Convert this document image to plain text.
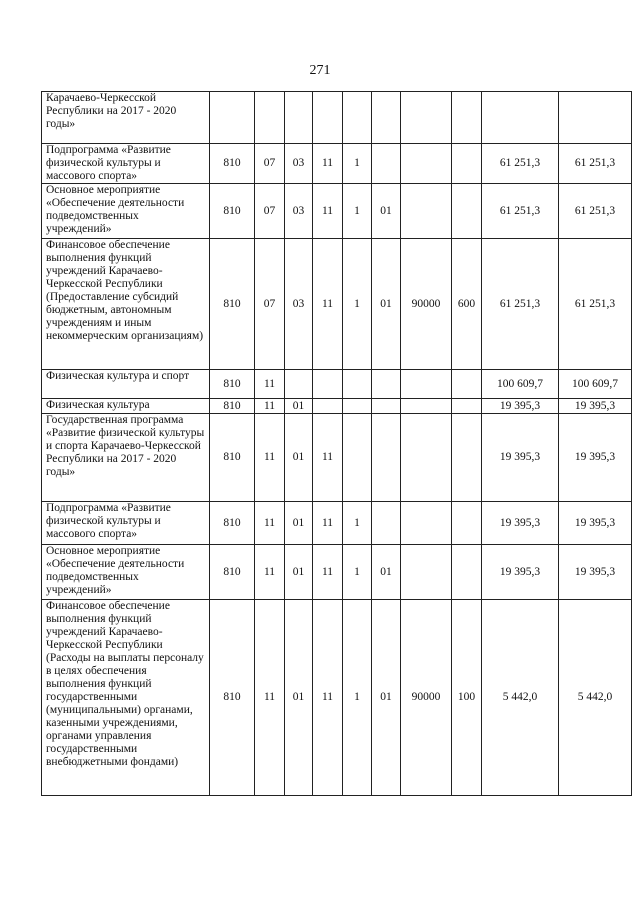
271
Карачаево-Черкесской Республики на 2017 - 2020 годы»										
Подпрограмма «Развитие физической культуры и массового спорта»	810	07	03	11	1				61 251,3	61 251,3
Основное мероприятие «Обеспечение деятельности подведомственных учреждений»	810	07	03	11	1	01			61 251,3	61 251,3
Финансовое обеспечение выполнения функций учреждений Карачаево-Черкесской Республики (Предоставление субсидий бюджетным, автономным учреждениям и иным некоммерческим организациям)	810	07	03	11	1	01	90000	600	61 251,3	61 251,3
Физическая культура и спорт	810	11							100 609,7	100 609,7
Физическая культура	810	11	01						19 395,3	19 395,3
Государственная программа «Развитие физической культуры и спорта Карачаево-Черкесской Республики на 2017 - 2020 годы»	810	11	01	11					19 395,3	19 395,3
Подпрограмма «Развитие физической культуры и массового спорта»	810	11	01	11	1				19 395,3	19 395,3
Основное мероприятие «Обеспечение деятельности подведомственных учреждений»	810	11	01	11	1	01			19 395,3	19 395,3
Финансовое обеспечение выполнения функций учреждений Карачаево-Черкесской Республики (Расходы на выплаты персоналу в целях обеспечения выполнения функций государственными (муниципальными) органами, казенными учреждениями, органами управления государственными внебюджетными фондами)	810	11	01	11	1	01	90000	100	5 442,0	5 442,0
